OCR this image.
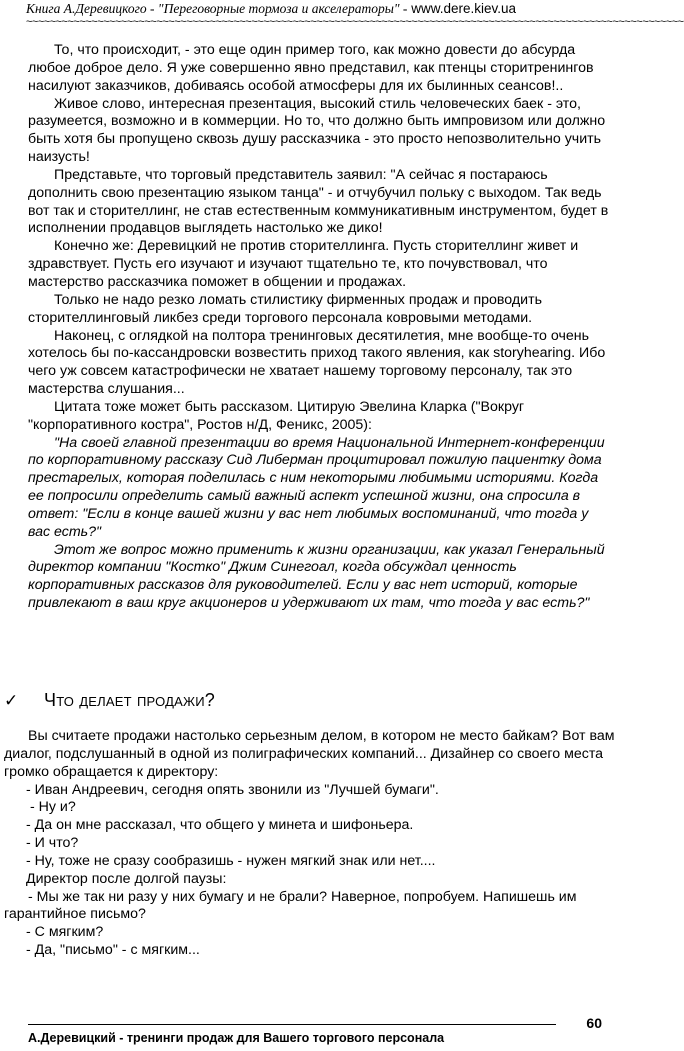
Книга А.Деревицкого - "Переговорные тормоза и акселераторы" - www.dere.kiev.ua
~~~~~~~~~~~~~~~~~~~~~~~~~~~~~~~~~~~~~~~~~~~~~~~~~~~~~~~~~~~~~~~~~~~~~~~~~~~~~~~~~~~~~~~~~~~~~~~~~~~~~~~~~~~~~~~

То, что происходит, - это еще один пример того, как можно довести до абсурда любое доброе дело. Я уже совершенно явно представил, как птенцы сторитренингов насилуют заказчиков, добиваясь особой атмосферы для их былинных сеансов!..

Живое слово, интересная презентация, высокий стиль человеческих баек - это, разумеется, возможно и в коммерции. Но то, что должно быть импровизом или должно быть хотя бы пропущено сквозь душу рассказчика - это просто непозволительно учить наизусть!

Представьте, что торговый представитель заявил: "А сейчас я постараюсь дополнить свою презентацию языком танца" - и отчубучил польку с выходом. Так ведь вот так и сторителлинг, не став естественным коммуникативным инструментом, будет в исполнении продавцов выглядеть настолько же дико!

Конечно же: Деревицкий не против сторителлинга. Пусть сторителлинг живет и здравствует. Пусть его изучают и изучают тщательно те, кто почувствовал, что мастерство рассказчика поможет в общении и продажах.

Только не надо резко ломать стилистику фирменных продаж и проводить сторителлинговый ликбез среди торгового персонала ковровыми методами.

Наконец, с оглядкой на полтора тренинговых десятилетия, мне вообще-то очень хотелось бы по-кассандровски возвестить приход такого явления, как storyhearing. Ибо чего уж совсем катастрофически не хватает нашему торговому персоналу, так это мастерства слушания...

Цитата тоже может быть рассказом. Цитирую Эвелина Кларка ("Вокруг "корпоративного костра", Ростов н/Д, Феникс, 2005):

"На своей главной презентации во время Национальной Интернет-конференции по корпоративному рассказу Сид Либерман процитировал пожилую пациентку дома престарелых, которая поделилась с ним некоторыми любимыми историями. Когда ее попросили определить самый важный аспект успешной жизни, она спросила в ответ: "Если в конце вашей жизни у вас нет любимых воспоминаний, что тогда у вас есть?"

Этот же вопрос можно применить к жизни организации, как указал Генеральный директор компании "Костко" Джим Синегоал, когда обсуждал ценность корпоративных рассказов для руководителей. Если у вас нет историй, которые привлекают в ваш круг акционеров и удерживают их там, что тогда у вас есть?"

✓ Что делает продажи?

Вы считаете продажи настолько серьезным делом, в котором не место байкам? Вот вам диалог, подслушанный в одной из полиграфических компаний... Дизайнер со своего места громко обращается к директору:

- Иван Андреевич, сегодня опять звонили из "Лучшей бумаги".

- Ну и?

- Да он мне рассказал, что общего у минета и шифоньера.

- И что?

- Ну, тоже не сразу сообразишь - нужен мягкий знак или нет....

Директор после долгой паузы:

- Мы же так ни разу у них бумагу и не брали? Наверное, попробуем. Напишешь им гарантийное письмо?

- С мягким?

- Да, "письмо" - с мягким...

60
А.Деревицкий - тренинги продаж для Вашего торгового персонала
